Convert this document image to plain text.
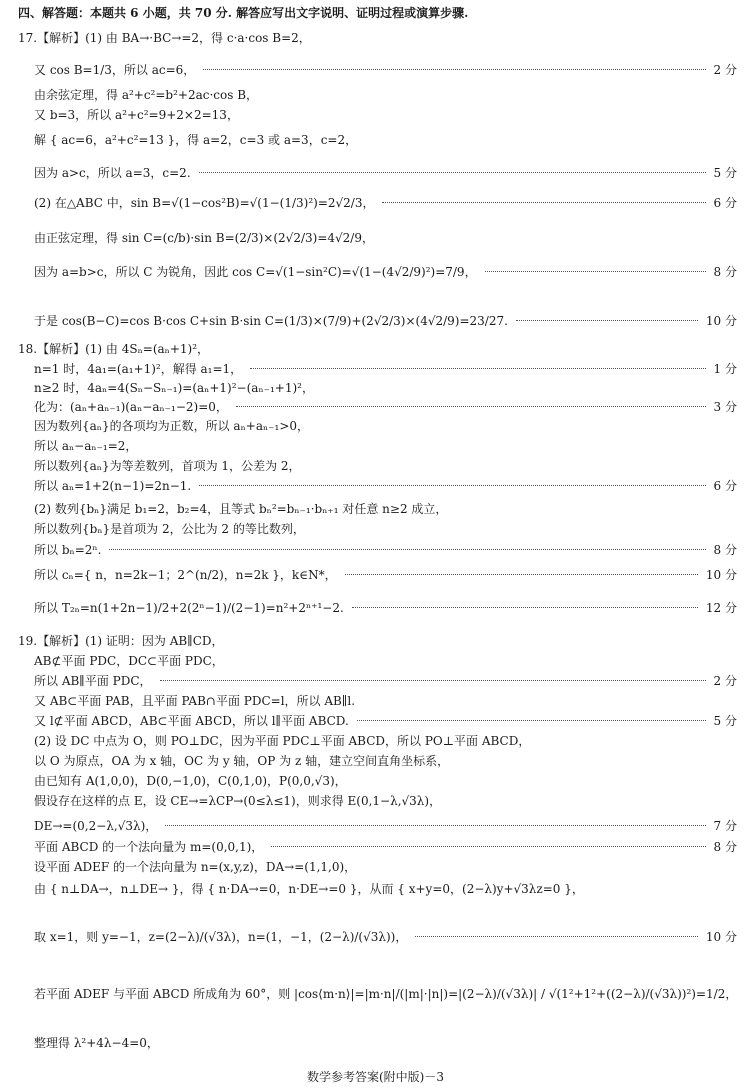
四、解答题：本题共 6 小题，共 70 分. 解答应写出文字说明、证明过程或演算步骤.
17.【解析】(1) 由 BA→·BC→=2，得 c·a·cos B=2，
又 cos B=1/3，所以 ac=6，	2 分
由余弦定理，得 a²+c²=b²+2ac·cos B，
又 b=3，所以 a²+c²=9+2×2=13，
解 { ac=6，a²+c²=13 }，得 a=2，c=3 或 a=3，c=2，
因为 a>c，所以 a=3，c=2.	5 分
(2) 在△ABC 中，sin B=√(1−cos²B)=√(1−(1/3)²)=2√2/3，	6 分
由正弦定理，得 sin C=(c/b)·sin B=(2/3)×(2√2/3)=4√2/9，
因为 a=b>c，所以 C 为锐角，因此 cos C=√(1−sin²C)=√(1−(4√2/9)²)=7/9，	8 分
于是 cos(B−C)=cos B·cos C+sin B·sin C=(1/3)×(7/9)+(2√2/3)×(4√2/9)=23/27.	10 分
18.【解析】(1) 由 4Sₙ=(aₙ+1)²，
n=1 时，4a₁=(a₁+1)²，解得 a₁=1，	1 分
n≥2 时，4aₙ=4(Sₙ−Sₙ₋₁)=(aₙ+1)²−(aₙ₋₁+1)²，
化为：(aₙ+aₙ₋₁)(aₙ−aₙ₋₁−2)=0，	3 分
因为数列{aₙ}的各项均为正数，所以 aₙ+aₙ₋₁>0，
所以 aₙ−aₙ₋₁=2，
所以数列{aₙ}为等差数列，首项为 1，公差为 2，
所以 aₙ=1+2(n−1)=2n−1.	6 分
(2) 数列{bₙ}满足 b₁=2，b₂=4，且等式 bₙ²=bₙ₋₁·bₙ₊₁ 对任意 n≥2 成立，
所以数列{bₙ}是首项为 2，公比为 2 的等比数列，
所以 bₙ=2ⁿ.	8 分
所以 cₙ={ n，n=2k−1；2^(n/2)，n=2k }，k∈N*，	10 分
所以 T₂ₙ=n(1+2n−1)/2+2(2ⁿ−1)/(2−1)=n²+2ⁿ⁺¹−2.	12 分
19.【解析】(1) 证明：因为 AB∥CD，
AB⊄平面 PDC，DC⊂平面 PDC，
所以 AB∥平面 PDC，	2 分
又 AB⊂平面 PAB，且平面 PAB∩平面 PDC=l，所以 AB∥l.
又 l⊄平面 ABCD，AB⊂平面 ABCD，所以 l∥平面 ABCD.	5 分
(2) 设 DC 中点为 O，则 PO⊥DC，因为平面 PDC⊥平面 ABCD，所以 PO⊥平面 ABCD，
以 O 为原点，OA 为 x 轴，OC 为 y 轴，OP 为 z 轴，建立空间直角坐标系，
由已知有 A(1,0,0)，D(0,−1,0)，C(0,1,0)，P(0,0,√3)，
假设存在这样的点 E，设 CE→=λCP→(0≤λ≤1)，则求得 E(0,1−λ,√3λ)，
DE→=(0,2−λ,√3λ)，	7 分
平面 ABCD 的一个法向量为 m=(0,0,1)，	8 分
设平面 ADEF 的一个法向量为 n=(x,y,z)，DA→=(1,1,0)，
由 { n⊥DA→，n⊥DE→ }，得 { n·DA→=0，n·DE→=0 }，从而 { x+y=0，(2−λ)y+√3λz=0 }，
取 x=1，则 y=−1，z=(2−λ)/(√3λ)，n=(1，−1，(2−λ)/(√3λ))，	10 分
若平面 ADEF 与平面 ABCD 所成角为 60°，则 |cos⟨m·n⟩|=|m·n|/(|m|·|n|)=|(2−λ)/(√3λ)| / √(1²+1²+((2−λ)/(√3λ))²)=1/2，
整理得 λ²+4λ−4=0，
数学参考答案(附中版)－3
